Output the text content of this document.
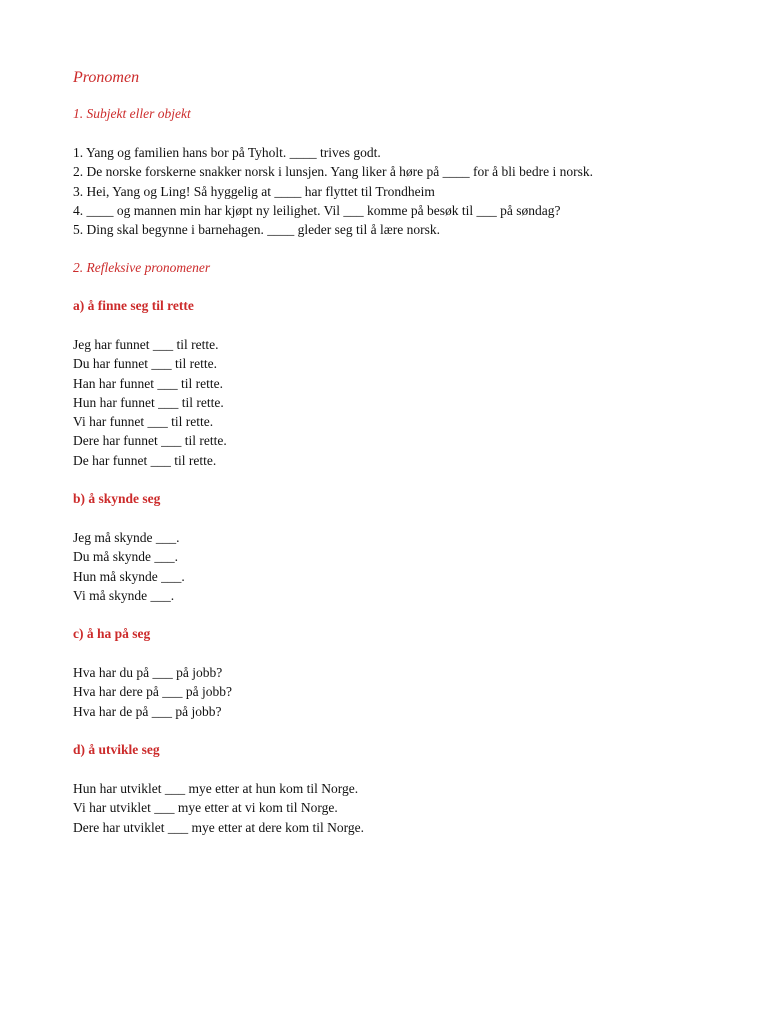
Pronomen
1. Subjekt eller objekt
1. Yang og familien hans bor på Tyholt. ____ trives godt.
2. De norske forskerne snakker norsk i lunsjen. Yang liker å høre på ____ for å bli bedre i norsk.
3. Hei, Yang og Ling! Så hyggelig at ____ har flyttet til Trondheim
4. ____ og mannen min har kjøpt ny leilighet. Vil ___ komme på besøk til ___ på søndag?
5. Ding skal begynne i barnehagen. ____ gleder seg til å lære norsk.
2. Refleksive pronomener
a) å finne seg til rette
Jeg har funnet ___ til rette.
Du har funnet ___ til rette.
Han har funnet ___ til rette.
Hun har funnet ___ til rette.
Vi har funnet ___ til rette.
Dere har funnet ___ til rette.
De har funnet ___ til rette.
b) å skynde seg
Jeg må skynde ___.
Du må skynde ___.
Hun må skynde ___.
Vi må skynde ___.
c) å ha på seg
Hva har du på ___ på jobb?
Hva har dere på ___ på jobb?
Hva har de på ___ på jobb?
d) å utvikle seg
Hun har utviklet ___ mye etter at hun kom til Norge.
Vi har utviklet ___ mye etter at vi kom til Norge.
Dere har utviklet ___ mye etter at dere kom til Norge.
